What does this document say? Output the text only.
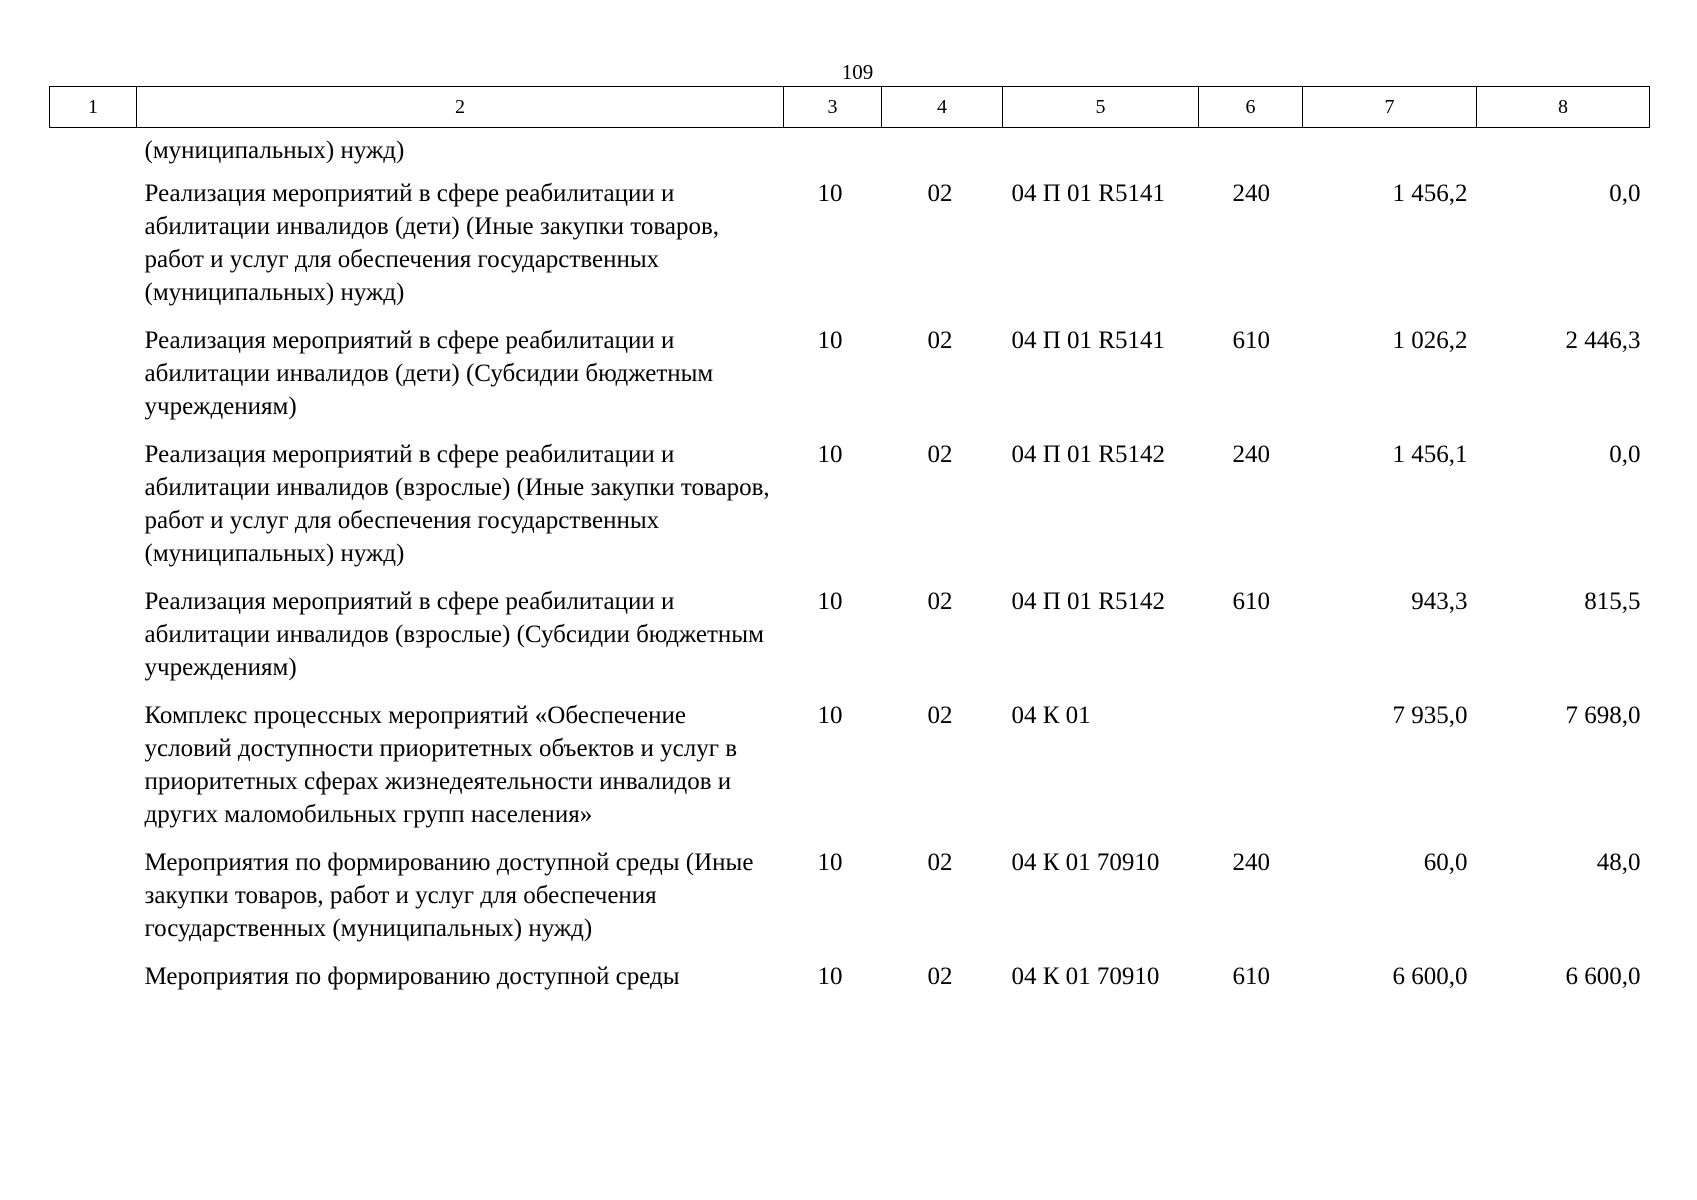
109
1	2	3	4	5	6	7	8
	(муниципальных) нужд)						
	Реализация мероприятий в сфере реабилитации и абилитации инвалидов (дети) (Иные закупки товаров, работ и услуг для обеспечения государственных (муниципальных) нужд)	10	02	04 П 01 R5141	240	1 456,2	0,0
	Реализация мероприятий в сфере реабилитации и абилитации инвалидов (дети) (Субсидии бюджетным учреждениям)	10	02	04 П 01 R5141	610	1 026,2	2 446,3
	Реализация мероприятий в сфере реабилитации и абилитации инвалидов (взрослые) (Иные закупки товаров, работ и услуг для обеспечения государственных (муниципальных) нужд)	10	02	04 П 01 R5142	240	1 456,1	0,0
	Реализация мероприятий в сфере реабилитации и абилитации инвалидов (взрослые) (Субсидии бюджетным учреждениям)	10	02	04 П 01 R5142	610	943,3	815,5
	Комплекс процессных мероприятий «Обеспечение условий доступности приоритетных объектов и услуг в приоритетных сферах жизнедеятельности инвалидов и других маломобильных групп населения»	10	02	04 К 01		7 935,0	7 698,0
	Мероприятия по формированию доступной среды (Иные закупки товаров, работ и услуг для обеспечения государственных (муниципальных) нужд)	10	02	04 К 01 70910	240	60,0	48,0
	Мероприятия по формированию доступной среды	10	02	04 К 01 70910	610	6 600,0	6 600,0
